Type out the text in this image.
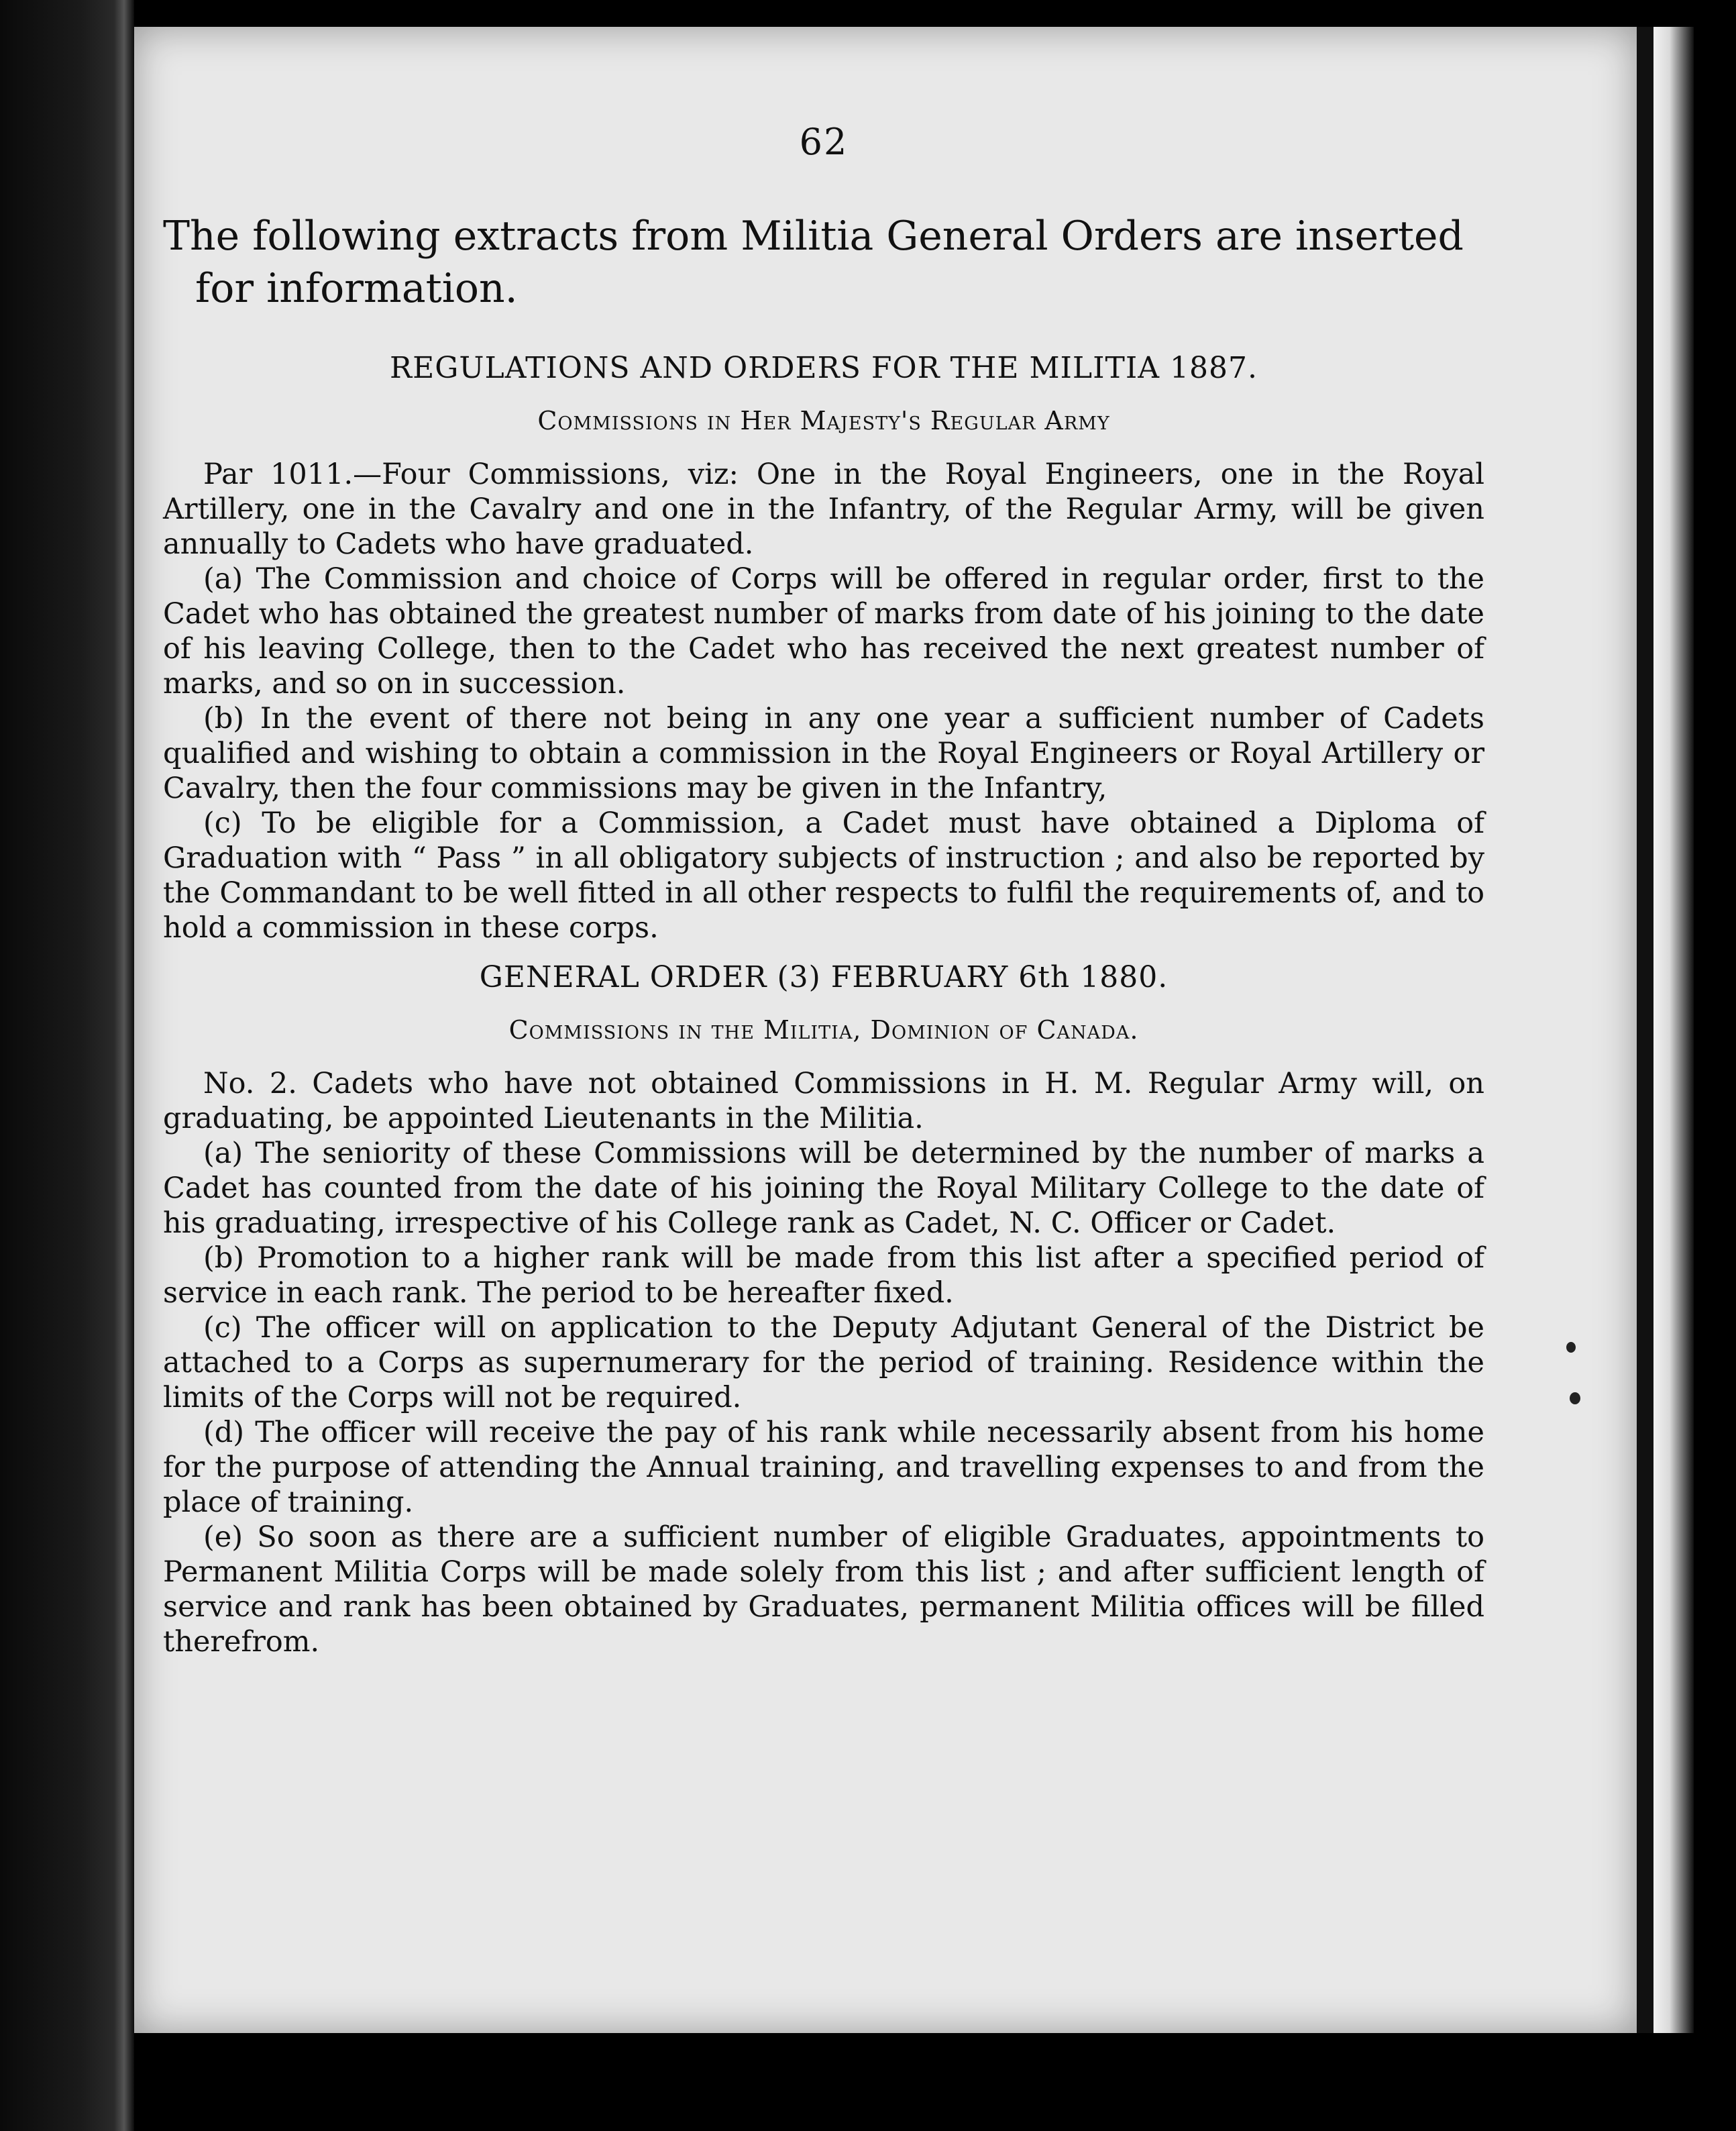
62

The following extracts from Militia General Orders are inserted for information.

REGULATIONS AND ORDERS FOR THE MILITIA 1887.
Commissions in Her Majesty's Regular Army

Par 1011.—Four Commissions, viz: One in the Royal Engineers, one in the Royal Artillery, one in the Cavalry and one in the Infantry, of the Regular Army, will be given annually to Cadets who have graduated.

(a) The Commission and choice of Corps will be offered in regular order, first to the Cadet who has obtained the greatest number of marks from date of his joining to the date of his leaving College, then to the Cadet who has received the next greatest number of marks, and so on in succession.

(b) In the event of there not being in any one year a sufficient number of Cadets qualified and wishing to obtain a commission in the Royal Engineers or Royal Artillery or Cavalry, then the four commissions may be given in the Infantry,

(c) To be eligible for a Commission, a Cadet must have obtained a Diploma of Graduation with “ Pass ” in all obligatory subjects of instruction ; and also be reported by the Commandant to be well fitted in all other respects to fulfil the requirements of, and to hold a commission in these corps.

GENERAL ORDER (3) FEBRUARY 6th 1880.
Commissions in the Militia, Dominion of Canada.

No. 2. Cadets who have not obtained Commissions in H. M. Regular Army will, on graduating, be appointed Lieutenants in the Militia.

(a) The seniority of these Commissions will be determined by the number of marks a Cadet has counted from the date of his joining the Royal Military College to the date of his graduating, irrespective of his College rank as Cadet, N. C. Officer or Cadet.

(b) Promotion to a higher rank will be made from this list after a specified period of service in each rank. The period to be hereafter fixed.

(c) The officer will on application to the Deputy Adjutant General of the District be attached to a Corps as supernumerary for the period of training. Residence within the limits of the Corps will not be required.

(d) The officer will receive the pay of his rank while necessarily absent from his home for the purpose of attending the Annual training, and travelling expenses to and from the place of training.

(e) So soon as there are a sufficient number of eligible Graduates, appointments to Permanent Militia Corps will be made solely from this list ; and after sufficient length of service and rank has been obtained by Graduates, permanent Militia offices will be filled therefrom.
